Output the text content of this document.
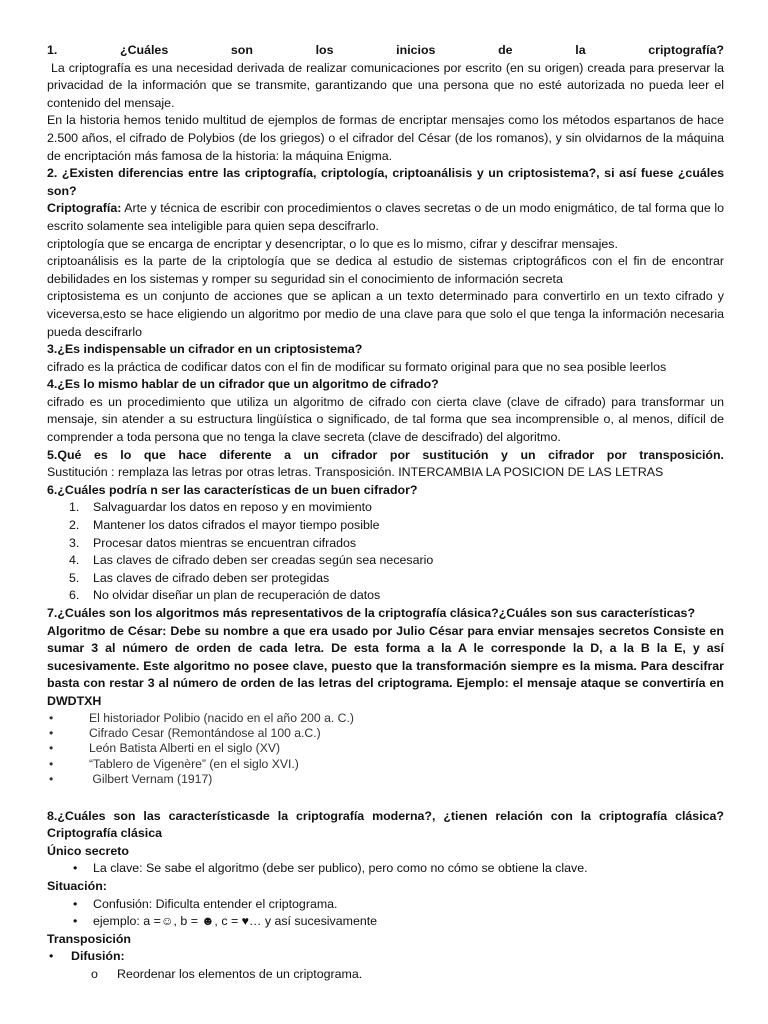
1. ¿Cuáles son los inicios de la criptografía?

La criptografía es una necesidad derivada de realizar comunicaciones por escrito (en su origen) creada para preservar la privacidad de la información que se transmite, garantizando que una persona que no esté autorizada no pueda leer el contenido del mensaje.

En la historia hemos tenido multitud de ejemplos de formas de encriptar mensajes como los métodos espartanos de hace 2.500 años, el cifrado de Polybios (de los griegos) o el cifrador del César (de los romanos), y sin olvidarnos de la máquina de encriptación más famosa de la historia: la máquina Enigma.

2. ¿Existen diferencias entre las criptografía, criptología, criptoanálisis y un criptosistema?, si así fuese ¿cuáles son?

Criptografía: Arte y técnica de escribir con procedimientos o claves secretas o de un modo enigmático, de tal forma que lo escrito solamente sea inteligible para quien sepa descifrarlo.

criptología que se encarga de encriptar y desencriptar, o lo que es lo mismo, cifrar y descifrar mensajes.

criptoanálisis es la parte de la criptología que se dedica al estudio de sistemas criptográficos con el fin de encontrar debilidades en los sistemas y romper su seguridad sin el conocimiento de información secreta

criptosistema es un conjunto de acciones que se aplican a un texto determinado para convertirlo en un texto cifrado y viceversa,esto se hace eligiendo un algoritmo por medio de una clave para que solo el que tenga la información necesaria pueda descifrarlo

3.¿Es indispensable un cifrador en un criptosistema?

cifrado es la práctica de codificar datos con el fin de modificar su formato original para que no sea posible leerlos

4.¿Es lo mismo hablar de un cifrador que un algoritmo de cifrado?

cifrado es un procedimiento que utiliza un algoritmo de cifrado con cierta clave (clave de cifrado) para transformar un mensaje, sin atender a su estructura lingüística o significado, de tal forma que sea incomprensible o, al menos, difícil de comprender a toda persona que no tenga la clave secreta (clave de descifrado) del algoritmo.

5.Qué es lo que hace diferente a un cifrador por sustitución y un cifrador por transposición.

Sustitución : remplaza las letras por otras letras. Transposición. INTERCAMBIA LA POSICION DE LAS LETRAS

6.¿Cuáles podría n ser las características de un buen cifrador?

1.	Salvaguardar los datos en reposo y en movimiento
2.	Mantener los datos cifrados el mayor tiempo posible
3.	Procesar datos mientras se encuentran cifrados
4.	Las claves de cifrado deben ser creadas según sea necesario
5.	Las claves de cifrado deben ser protegidas
6.	No olvidar diseñar un plan de recuperación de datos

7.¿Cuáles son los algoritmos más representativos de la criptografía clásica?¿Cuáles son sus características?

Algoritmo de César: Debe su nombre a que era usado por Julio César para enviar mensajes secretos Consiste en sumar 3 al número de orden de cada letra. De esta forma a la A le corresponde la D, a la B la E, y así sucesivamente. Este algoritmo no posee clave, puesto que la transformación siempre es la misma. Para descifrar basta con restar 3 al número de orden de las letras del criptograma. Ejemplo: el mensaje ataque se convertiría en DWDTXH

•	El historiador Polibio (nacido en el año 200 a. C.)
•	Cifrado Cesar (Remontándose al 100 a.C.)
•	León Batista Alberti en el siglo (XV)
•	“Tablero de Vigenère” (en el siglo XVI.)
•	Gilbert Vernam (1917)

8.¿Cuáles son las característicasde la criptografía moderna?, ¿tienen relación con la criptografía clásica?

Criptografía clásica

Único secreto

•	La clave: Se sabe el algoritmo (debe ser publico), pero como no cómo se obtiene la clave.

Situación:

•	Confusión: Dificulta entender el criptograma.
•	ejemplo: a =☺, b = ☻, c = ♥… y así sucesivamente

Transposición

•	Difusión:
o	Reordenar los elementos de un criptograma.
